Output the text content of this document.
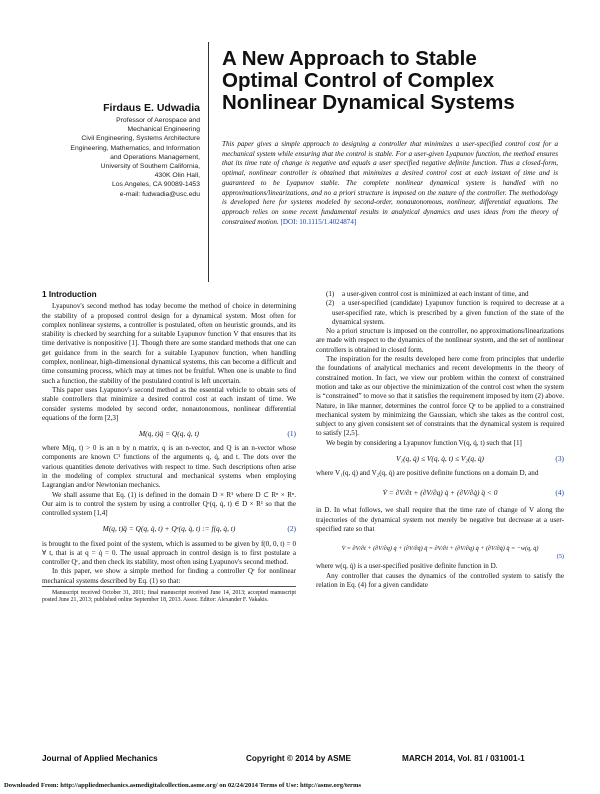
A New Approach to Stable Optimal Control of Complex Nonlinear Dynamical Systems
Firdaus E. Udwadia
Professor of Aerospace and
Mechanical Engineering
Civil Engineering, Systems Architecture
Engineering, Mathematics, and Information
and Operations Management,
University of Southern California,
430K Olin Hall,
Los Angeles, CA 90089-1453
e-mail: fudwadia@usc.edu
This paper gives a simple approach to designing a controller that minimizes a user-specified control cost for a mechanical system while ensuring that the control is stable. For a user-given Lyapunov function, the method ensures that its time rate of change is negative and equals a user specified negative definite function. Thus a closed-form, optimal, nonlinear controller is obtained that minimizes a desired control cost at each instant of time and is guaranteed to be Lyapunov stable. The complete nonlinear dynamical system is handled with no approximations/linearizations, and no a priori structure is imposed on the nature of the controller. The methodology is developed here for systems modeled by second-order, nonautonomous, nonlinear, differential equations. The approach relies on some recent fundamental results in analytical dynamics and uses ideas from the theory of constrained motion. [DOI: 10.1115/1.4024874]
1 Introduction

Lyapunov's second method has today become the method of choice in determining the stability of a proposed control design for a dynamical system. Most often for complex nonlinear systems, a controller is postulated, often on heuristic grounds, and its stability is checked by searching for a suitable Lyapunov function V that ensures that its time derivative is nonpositive [1]. Though there are some standard methods that one can get guidance from in the search for a suitable Lyapunov function, when handling complex, nonlinear, high-dimensional dynamical systems, this can become a difficult and time consuming process, which may at times not be fruitful. When one is unable to find such a function, the stability of the postulated control is left uncertain.

This paper uses Lyapunov's second method as the essential vehicle to obtain sets of stable controllers that minimize a desired control cost at each instant of time. We consider systems modeled by second order, nonautonomous, nonlinear differential equations of the form [2,3]

M(q, t)q̈ = Q(q, q̇, t)	(1)

where M(q, t) > 0 is an n by n matrix, q is an n-vector, and Q is an n-vector whose components are known C¹ functions of the arguments q, q̇, and t. The dots over the various quantities denote derivatives with respect to time. Such descriptions often arise in the modeling of complex structural and mechanical systems when employing Lagrangian and/or Newtonian mechanics.

We shall assume that Eq. (1) is defined in the domain D × R¹ where D ⊂ Rⁿ × Rⁿ. Our aim is to control the system by using a controller Qᶜ(q, q̇, t) ∈ D × R¹ so that the controlled system [1,4]

M(q, t)q̈ = Q(q, q̇, t) + Qᶜ(q, q̇, t) := f(q, q̇, t)	(2)

is brought to the fixed point of the system, which is assumed to be given by f(0, 0, t) = 0 ∀ t, that is at q = q̇ = 0. The usual approach in control design is to first postulate a controller Qᶜ, and then check its stability, most often using Lyapunov's second method.

In this paper, we show a simple method for finding a controller Qᶜ for nonlinear mechanical systems described by Eq. (1) so that:

Manuscript received October 31, 2011; final manuscript received June 14, 2013; accepted manuscript posted June 21, 2013; published online September 18, 2013. Assoc. Editor: Alexander F. Vakakis.

(1)	a user-given control cost is minimized at each instant of time, and

(2)	a user-specified (candidate) Lyapunov function is required to decrease at a user-specified rate, which is prescribed by a given function of the state of the dynamical system.

No a priori structure is imposed on the controller, no approximations/linearizations are made with respect to the dynamics of the nonlinear system, and the set of nonlinear controllers is obtained in closed form.

The inspiration for the results developed here come from principles that underlie the foundations of analytical mechanics and recent developments in the theory of constrained motion. In fact, we view our problem within the context of constrained motion and take as our objective the minimization of the control cost when the system is “constrained” to move so that it satisfies the requirement imposed by item (2) above. Nature, in like manner, determines the control force Qᶜ to be applied to a constrained mechanical system by minimizing the Gaussian, which she takes as the control cost, subject to any given consistent set of constraints that the dynamical system is required to satisfy [2,5].

We begin by considering a Lyapunov function V(q, q̇, t) such that [1]

V₁(q, q̇) ≤ V(q, q̇, t) ≤ V₂(q, q̇)	(3)

where V₁(q, q̇) and V₂(q, q̇) are positive definite functions on a domain D, and

V̇ = ∂V/∂t + (∂V/∂q) q̇ + (∂V/∂q̇) q̈ < 0	(4)

in D. In what follows, we shall require that the time rate of change of V along the trajectories of the dynamical system not merely be negative but decrease at a user-specified rate so that

V̇ = ∂V/∂t + (∂V/∂q) q̇ + (∂V/∂q̇) q̈ = ∂V/∂t + (∂V/∂q) q̇ + (∂V/∂q̇) q̈ = −w(q, q̇)
(5)

where w(q, q̇) is a user-specified positive definite function in D.

Any controller that causes the dynamics of the controlled system to satisfy the relation in Eq. (4) for a given candidate

Journal of Applied Mechanics	Copyright © 2014 by ASME	MARCH 2014, Vol. 81 / 031001-1
Downloaded From: http://appliedmechanics.asmedigitalcollection.asme.org/ on 02/24/2014 Terms of Use: http://asme.org/terms
